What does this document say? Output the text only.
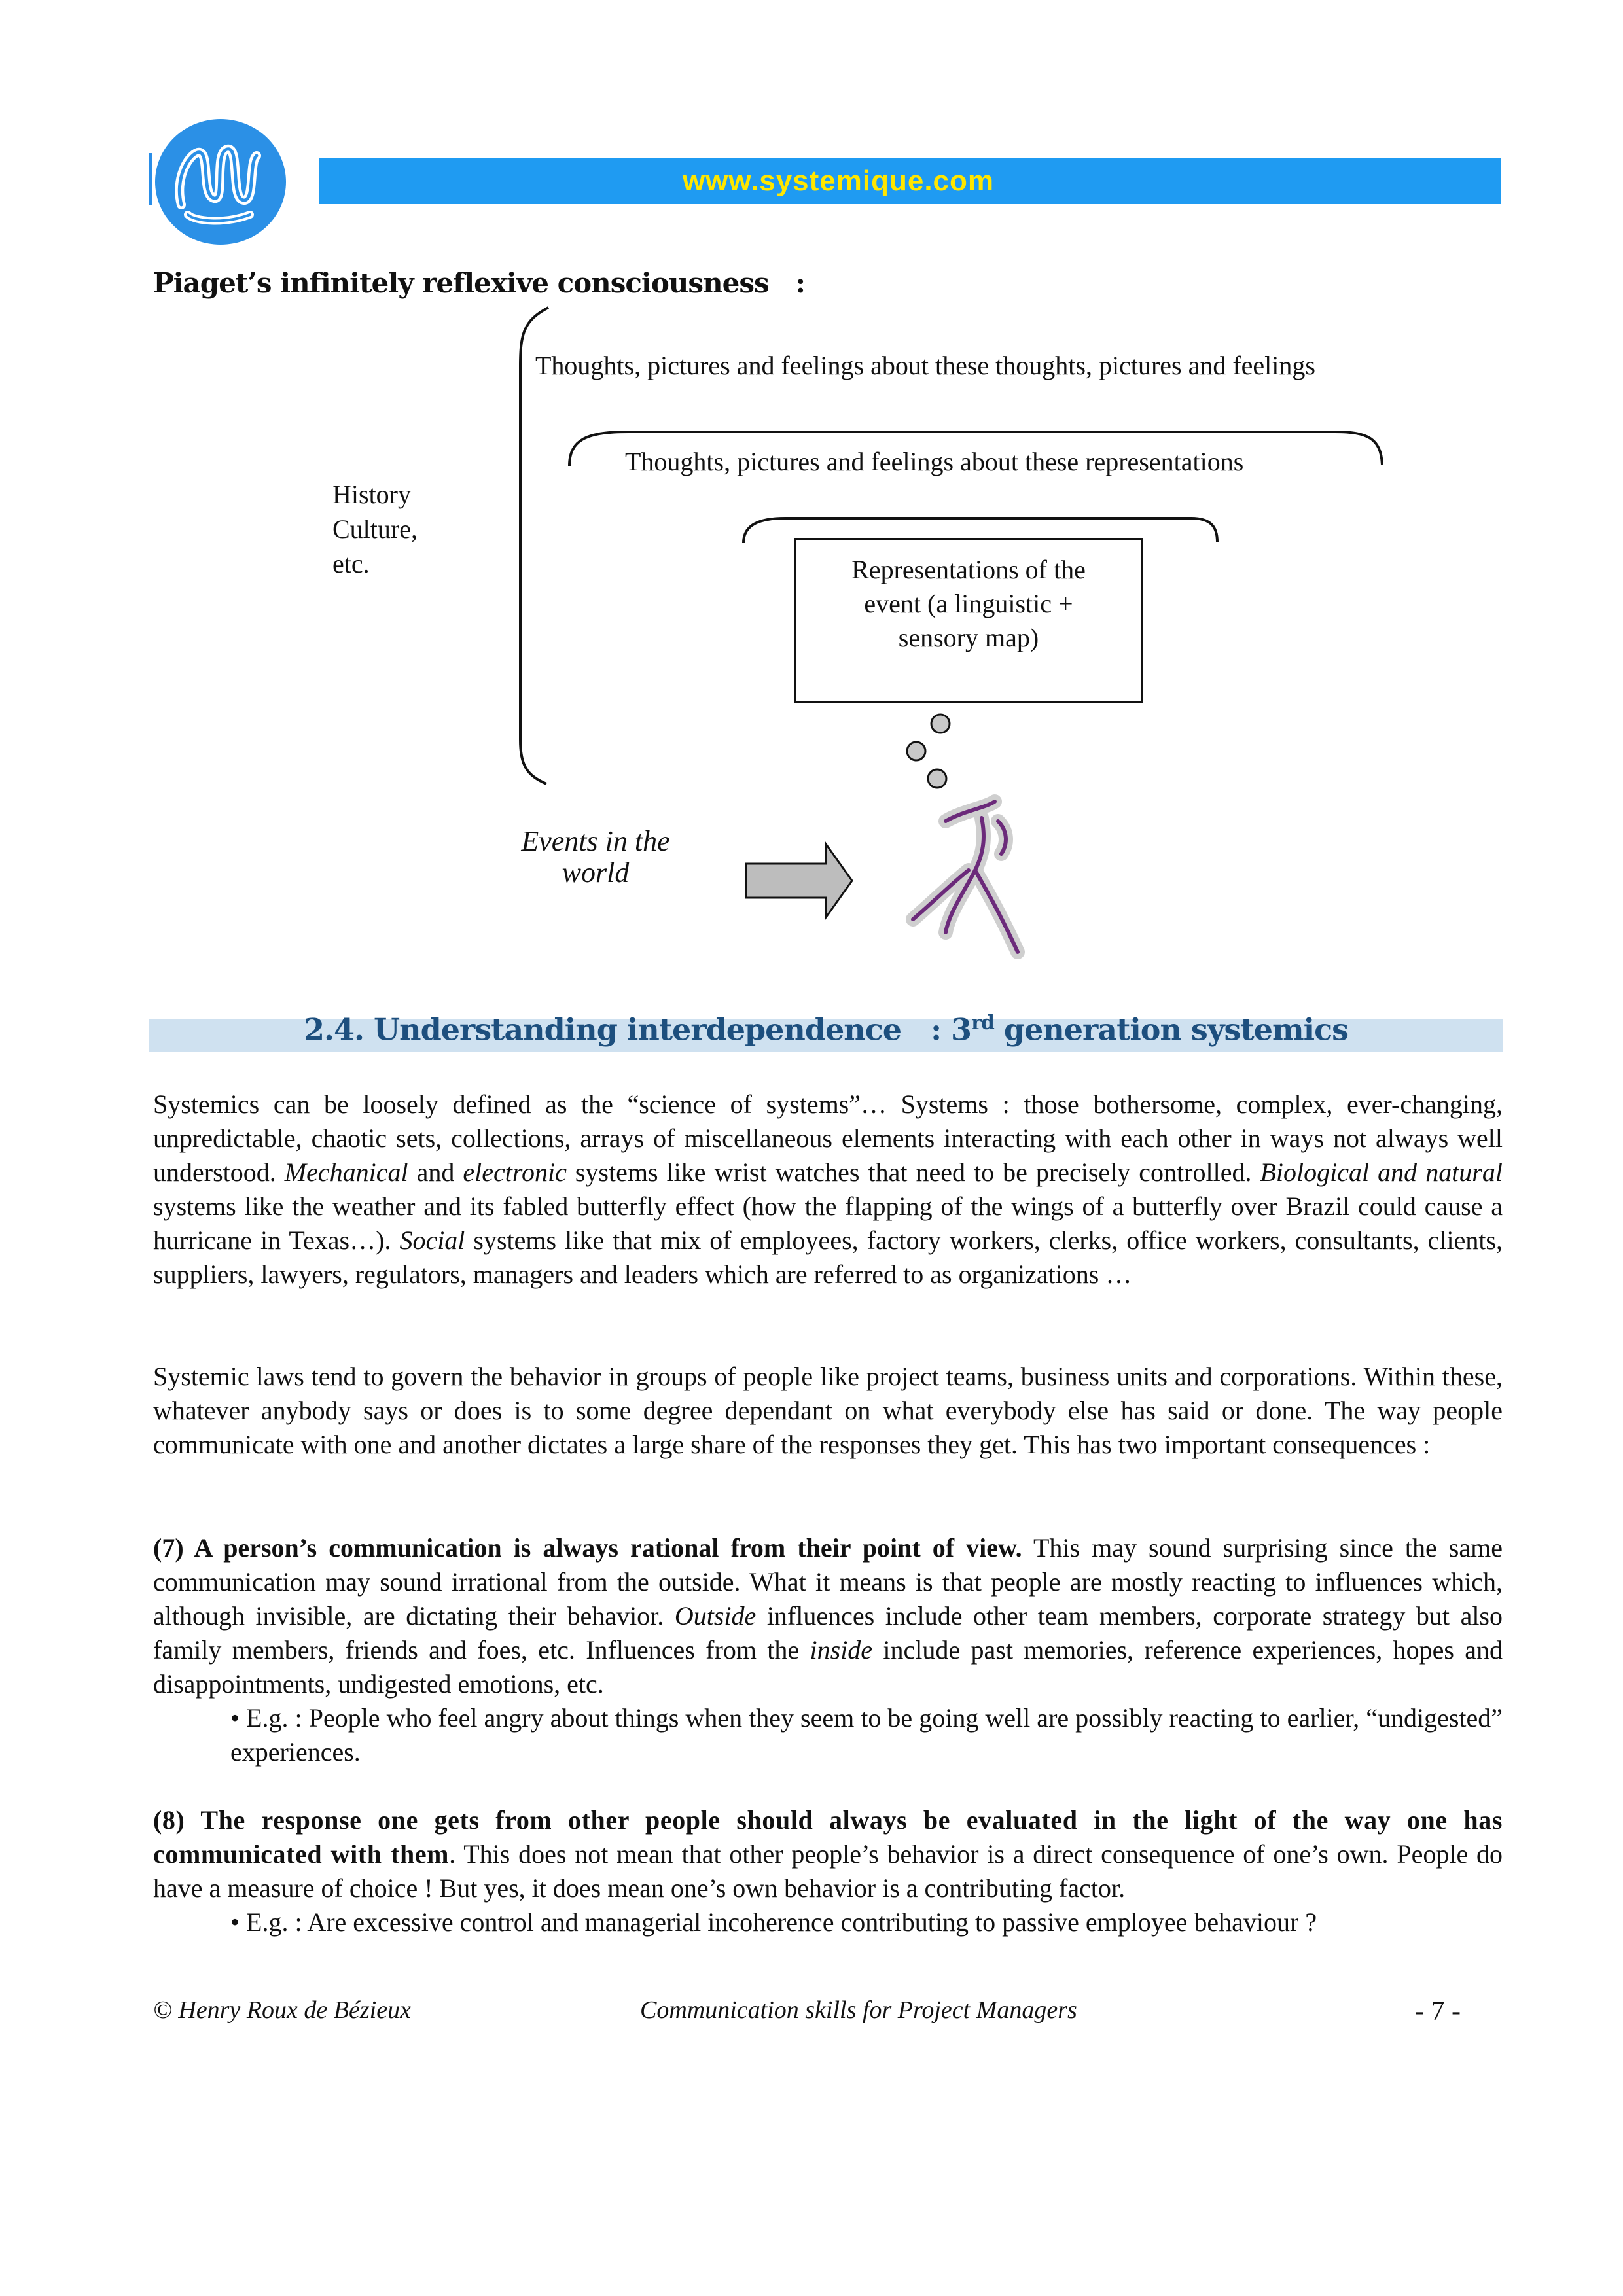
www.systemique.com
Piaget’s infinitely reflexive consciousness   :
Thoughts, pictures and feelings about these thoughts, pictures and feelings
Thoughts, pictures and feelings about these representations
History
Culture,
etc.	Representations of the
event (a linguistic +
sensory map)
Events in the
world
2.4. Understanding interdependence   : 3rd generation systemics

Systemics can be loosely defined as the “science of systems”… Systems : those bothersome, complex, ever-changing, unpredictable, chaotic sets, collections, arrays of miscellaneous elements interacting with each other in ways not always well understood. Mechanical and electronic systems like wrist watches that need to be precisely controlled. Biological and natural systems like the weather and its fabled butterfly effect (how the flapping of the wings of a butterfly over Brazil could cause a hurricane in Texas…). Social systems like that mix of employees, factory workers, clerks, office workers, consultants, clients, suppliers, lawyers, regulators, managers and leaders which are referred to as organizations …

Systemic laws tend to govern the behavior in groups of people like project teams, business units and corporations. Within these, whatever anybody says or does is to some degree dependant on what everybody else has said or done. The way people communicate with one and another dictates a large share of the responses they get. This has two important consequences :

(7) A person’s communication is always rational from their point of view. This may sound surprising since the same communication may sound irrational from the outside. What it means is that people are mostly reacting to influences which, although invisible, are dictating their behavior. Outside influences include other team members, corporate strategy but also family members, friends and foes, etc. Influences from the inside include past memories, reference experiences, hopes and disappointments, undigested emotions, etc.

• E.g. : People who feel angry about things when they seem to be going well are possibly reacting to earlier, “undigested” experiences.

(8) The response one gets from other people should always be evaluated in the light of the way one has communicated with them. This does not mean that other people’s behavior is a direct consequence of one’s own. People do have a measure of choice ! But yes, it does mean one’s own behavior is a contributing factor.

• E.g. : Are excessive control and managerial incoherence contributing to passive employee behaviour ?

© Henry Roux de Bézieux	Communication skills for Project Managers	- 7 -
